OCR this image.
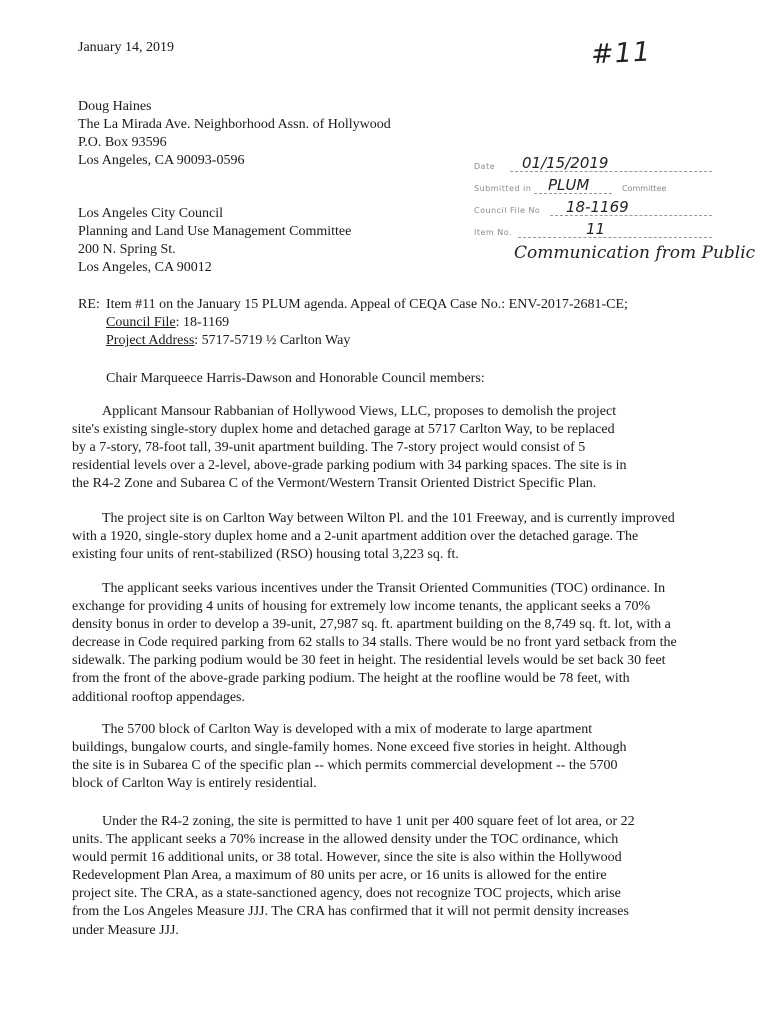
January 14, 2019	#11
Doug Haines
The La Mirada Ave. Neighborhood Assn. of Hollywood
P.O. Box 93596
Los Angeles, CA 90093-0596
Los Angeles City Council
Planning and Land Use Management Committee
200 N. Spring St.
Los Angeles, CA 90012
Date 01/15/2019
Submitted in PLUM	Committee
Council File No 18-1169
Item No.	11
Communication from Public
RE: Item #11 on the January 15 PLUM agenda. Appeal of CEQA Case No.: ENV-2017-2681-CE;
Council File: 18-1169
Project Address: 5717-5719 ½ Carlton Way
Chair Marqueece Harris-Dawson and Honorable Council members:
Applicant Mansour Rabbanian of Hollywood Views, LLC, proposes to demolish the project
site's existing single-story duplex home and detached garage at 5717 Carlton Way, to be replaced
by a 7-story, 78-foot tall, 39-unit apartment building. The 7-story project would consist of 5
residential levels over a 2-level, above-grade parking podium with 34 parking spaces. The site is in
the R4-2 Zone and Subarea C of the Vermont/Western Transit Oriented District Specific Plan.
The project site is on Carlton Way between Wilton Pl. and the 101 Freeway, and is currently improved
with a 1920, single-story duplex home and a 2-unit apartment addition over the detached garage. The
existing four units of rent-stabilized (RSO) housing total 3,223 sq. ft.
The applicant seeks various incentives under the Transit Oriented Communities (TOC) ordinance. In
exchange for providing 4 units of housing for extremely low income tenants, the applicant seeks a 70%
density bonus in order to develop a 39-unit, 27,987 sq. ft. apartment building on the 8,749 sq. ft. lot, with a
decrease in Code required parking from 62 stalls to 34 stalls. There would be no front yard setback from the
sidewalk. The parking podium would be 30 feet in height. The residential levels would be set back 30 feet
from the front of the above-grade parking podium. The height at the roofline would be 78 feet, with
additional rooftop appendages.
The 5700 block of Carlton Way is developed with a mix of moderate to large apartment
buildings, bungalow courts, and single-family homes. None exceed five stories in height. Although
the site is in Subarea C of the specific plan -- which permits commercial development -- the 5700
block of Carlton Way is entirely residential.
Under the R4-2 zoning, the site is permitted to have 1 unit per 400 square feet of lot area, or 22
units. The applicant seeks a 70% increase in the allowed density under the TOC ordinance, which
would permit 16 additional units, or 38 total. However, since the site is also within the Hollywood
Redevelopment Plan Area, a maximum of 80 units per acre, or 16 units is allowed for the entire
project site. The CRA, as a state-sanctioned agency, does not recognize TOC projects, which arise
from the Los Angeles Measure JJJ. The CRA has confirmed that it will not permit density increases
under Measure JJJ.
